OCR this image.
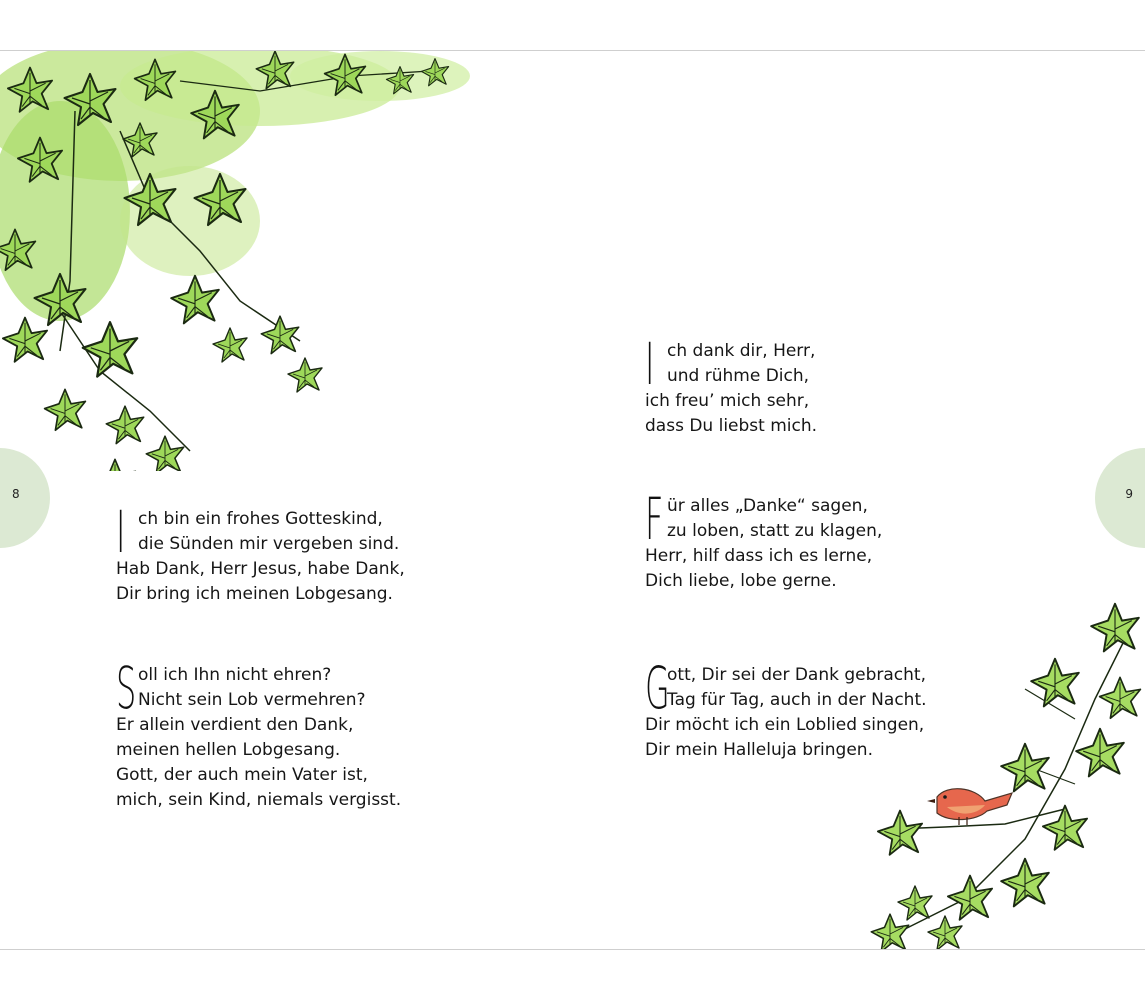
8	9
I ch bin ein frohes Gotteskind,
die Sünden mir vergeben sind.
Hab Dank, Herr Jesus, habe Dank,
Dir bring ich meinen Lobgesang.
S oll ich Ihn nicht ehren?
Nicht sein Lob vermehren?
Er allein verdient den Dank,
meinen hellen Lobgesang.
Gott, der auch mein Vater ist,
mich, sein Kind, niemals vergisst.
I ch dank dir, Herr,
und rühme Dich,
ich freu’ mich sehr,
dass Du liebst mich.
F ür alles „Danke“ sagen,
zu loben, statt zu klagen,
Herr, hilf dass ich es lerne,
Dich liebe, lobe gerne.
G
ott, Dir sei der Dank gebracht,
Tag für Tag, auch in der Nacht.
Dir möcht ich ein Loblied singen,
Dir mein Halleluja bringen.
